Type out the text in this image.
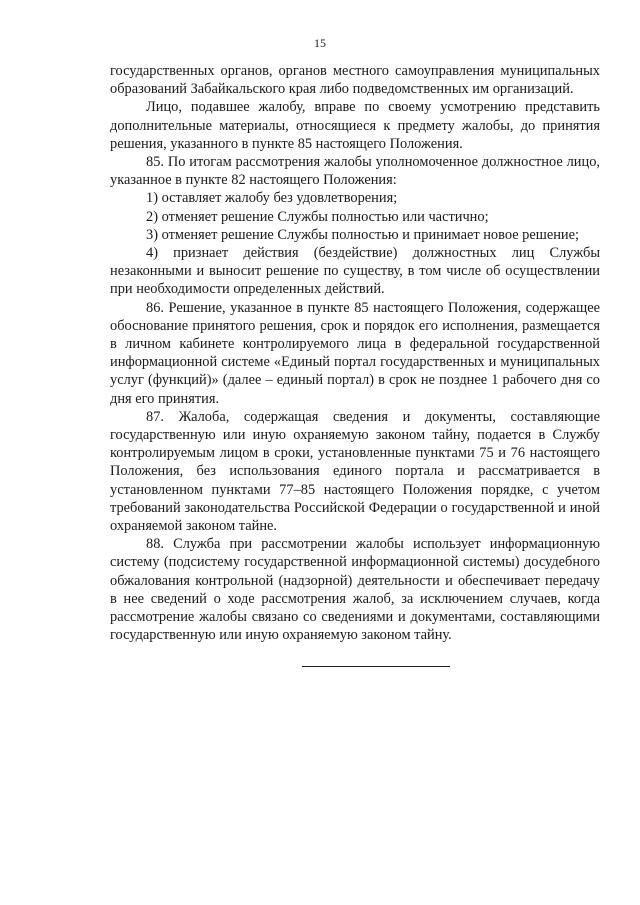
15

государственных органов, органов местного самоуправления муниципальных образований Забайкальского края либо подведомственных им организаций.

Лицо, подавшее жалобу, вправе по своему усмотрению представить дополнительные материалы, относящиеся к предмету жалобы, до принятия решения, указанного в пункте 85 настоящего Положения.

85. По итогам рассмотрения жалобы уполномоченное должностное лицо, указанное в пункте 82 настоящего Положения:

1) оставляет жалобу без удовлетворения;

2) отменяет решение Службы полностью или частично;

3) отменяет решение Службы полностью и принимает новое решение;

4) признает действия (бездействие) должностных лиц Службы незаконными и выносит решение по существу, в том числе об осуществлении при необходимости определенных действий.

86. Решение, указанное в пункте 85 настоящего Положения, содержащее обоснование принятого решения, срок и порядок его исполнения, размещается в личном кабинете контролируемого лица в федеральной государственной информационной системе «Единый портал государственных и муниципальных услуг (функций)» (далее – единый портал) в срок не позднее 1 рабочего дня со дня его принятия.

87. Жалоба, содержащая сведения и документы, составляющие государственную или иную охраняемую законом тайну, подается в Службу контролируемым лицом в сроки, установленные пунктами 75 и 76 настоящего Положения, без использования единого портала и рассматривается в установленном пунктами 77–85 настоящего Положения порядке, с учетом требований законодательства Российской Федерации о государственной и иной охраняемой законом тайне.

88. Служба при рассмотрении жалобы использует информационную систему (подсистему государственной информационной системы) досудебного обжалования контрольной (надзорной) деятельности и обеспечивает передачу в нее сведений о ходе рассмотрения жалоб, за исключением случаев, когда рассмотрение жалобы связано со сведениями и документами, составляющими государственную или иную охраняемую законом тайну.
